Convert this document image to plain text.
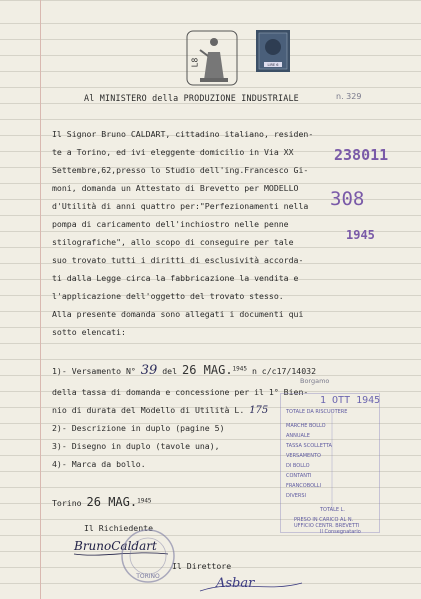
L8	LIRE 6
Al MINISTERO della PRODUZIONE INDUSTRIALE	n. 329
238011
308
1945
Il Signor Bruno CALDART, cittadino italiano, residen-
te a Torino, ed ivi eleggente domicilio in Via XX
Settembre,62,presso lo Studio dell'ing.Francesco Gi-
moni, domanda un Attestato di Brevetto per MODELLO
d'Utilità di anni quattro per:"Perfezionamenti nella
pompa di caricamento dell'inchiostro nelle penne
stilografiche", allo scopo di conseguire per tale
suo trovato tutti i diritti di esclusività accorda-
ti dalla Legge circa la fabbricazione la vendita e
l'applicazione dell'oggetto del trovato stesso.
Alla presente domanda sono allegati i documenti qui
sotto elencati:
1)- Versamento N° 39 del 26 MAG.$^{1945}$ n c/c17/14032
Borgamo
della tassa di domanda e concessione per il 1° Bien-
nio di durata del Modello di Utilità L. 175
2)- Descrizione in duplo (pagine 5)
3)- Disegno in duplo (tavole una),
4)- Marca da bollo.
Torino 26 MAG.$^{1945}$
Il Richiedente
Il Direttore
BrunoCaldart
TORINO	Asbar
1 OTT 1945
TOTALE DA RISCUOTERE
MARCHE BOLLO
ANNUALE
TASSA SCOLLETTA
VERSAMENTO
DI BOLLO
CONTANTI
FRANCOBOLLI
DIVERSI
TOTALE L.
PRESO IN CARICO AL N.
UFFICIO CENTR. BREVETTI
Il Consegnatario
